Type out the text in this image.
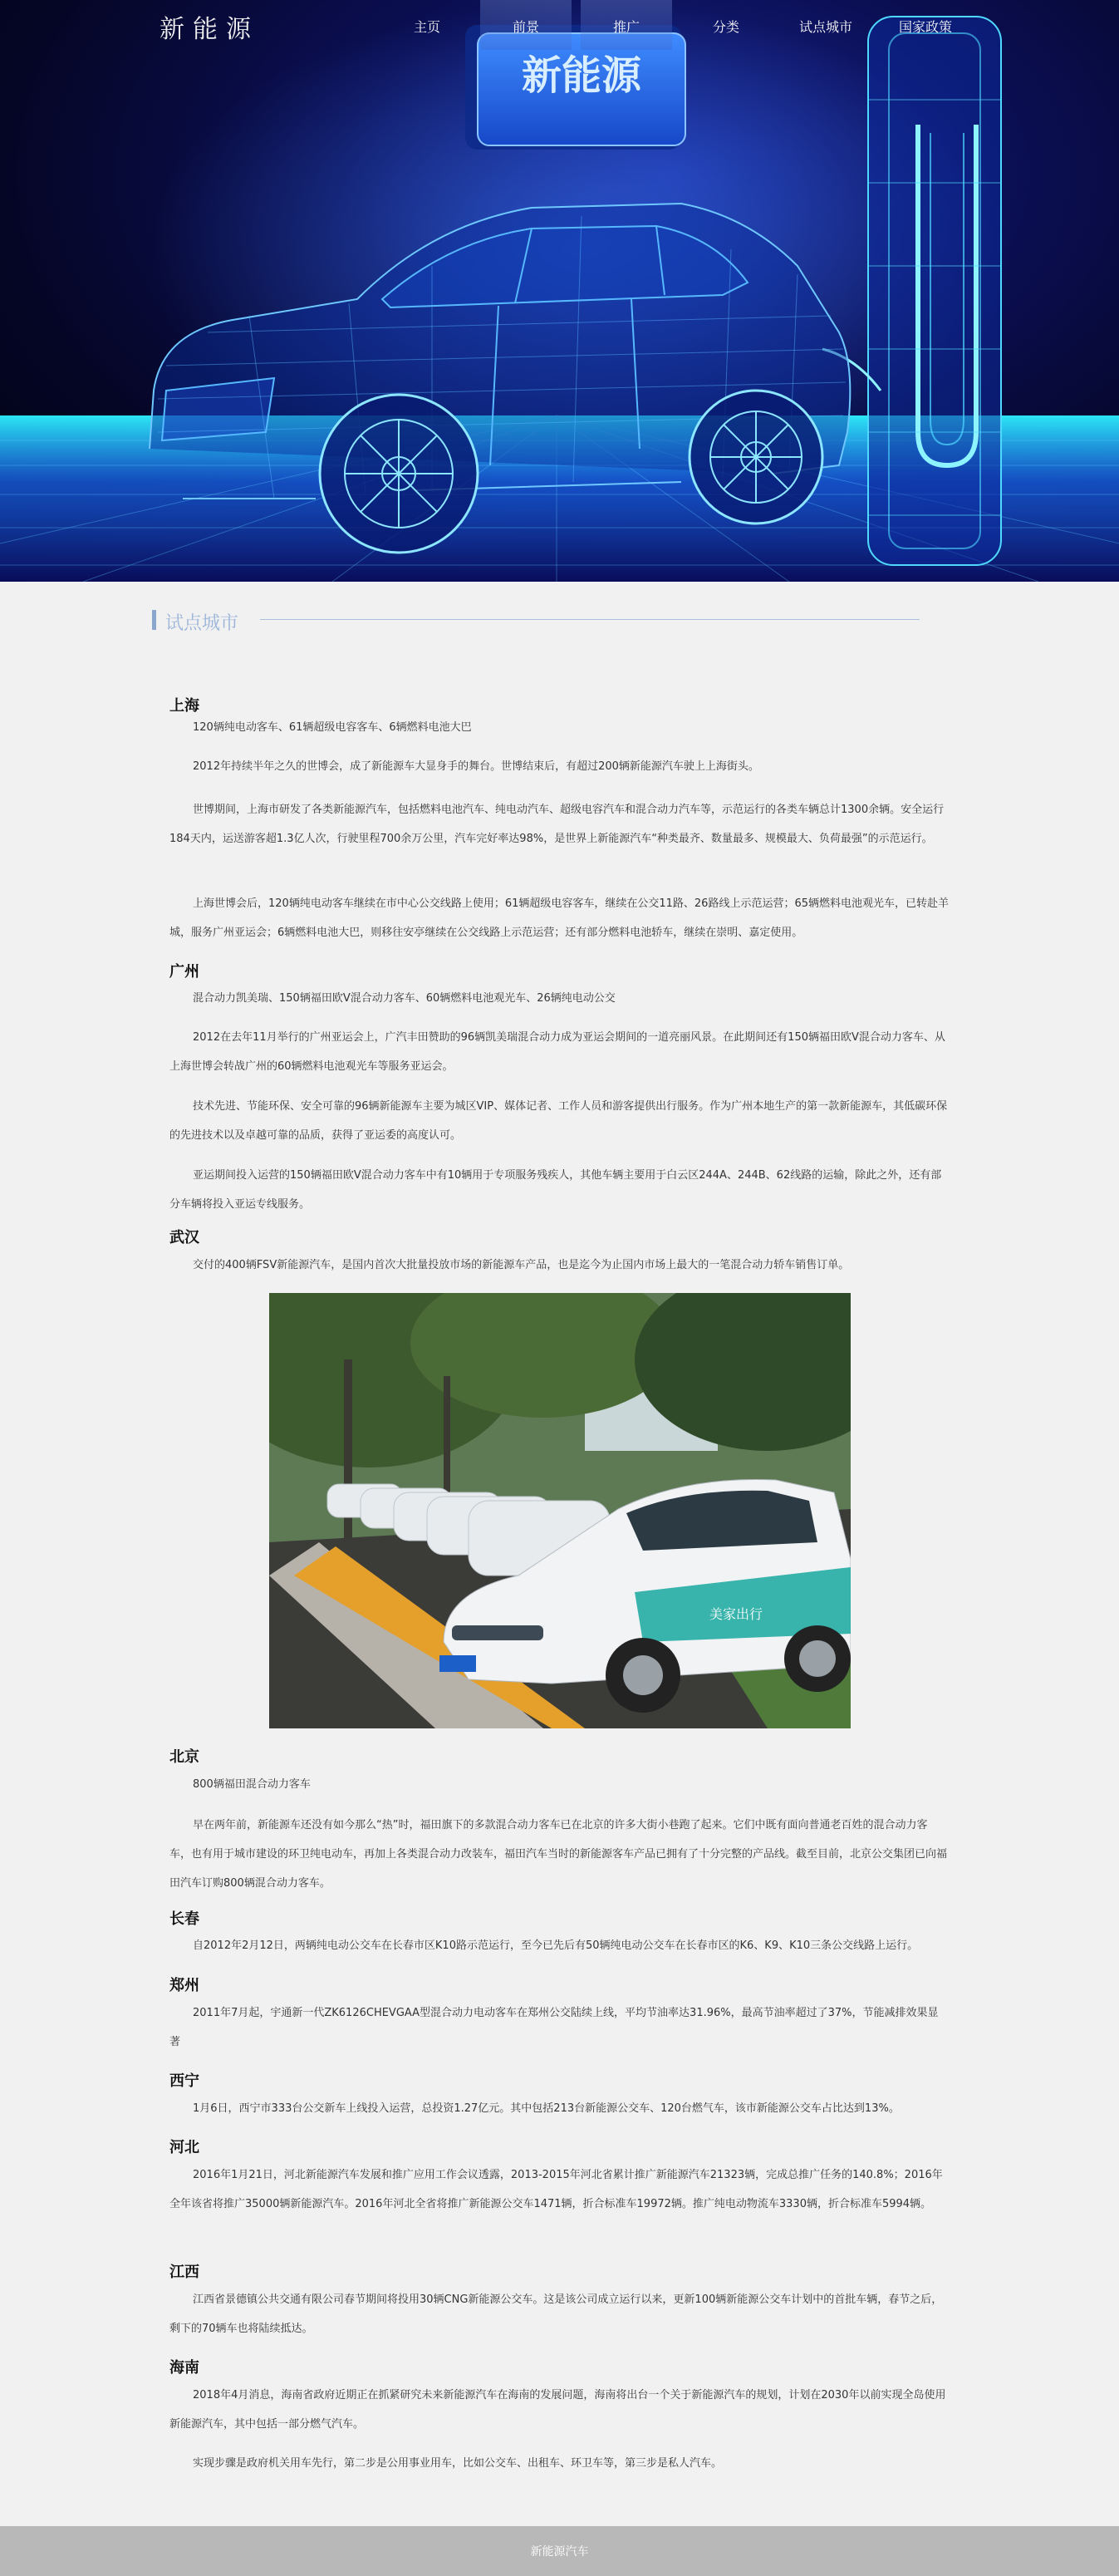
新能源
新能源	主页	前景	推广	分类	试点城市	国家政策
试点城市
上海
120辆纯电动客车、61辆超级电容客车、6辆燃料电池大巴
2012年持续半年之久的世博会，成了新能源车大显身手的舞台。世博结束后，有超过200辆新能源汽车驶上上海街头。
世博期间，上海市研发了各类新能源汽车，包括燃料电池汽车、纯电动汽车、超级电容汽车和混合动力汽车等，示范运行的各类车辆总计1300余辆。安全运行184天内，运送游客超1.3亿人次，行驶里程700余万公里，汽车完好率达98%，是世界上新能源汽车“种类最齐、数量最多、规模最大、负荷最强”的示范运行。
上海世博会后，120辆纯电动客车继续在市中心公交线路上使用；61辆超级电容客车，继续在公交11路、26路线上示范运营；65辆燃料电池观光车，已转赴羊城，服务广州亚运会；6辆燃料电池大巴，则移往安亭继续在公交线路上示范运营；还有部分燃料电池轿车，继续在崇明、嘉定使用。
广州
混合动力凯美瑞、150辆福田欧V混合动力客车、60辆燃料电池观光车、26辆纯电动公交
2012在去年11月举行的广州亚运会上，广汽丰田赞助的96辆凯美瑞混合动力成为亚运会期间的一道亮丽风景。在此期间还有150辆福田欧V混合动力客车、从上海世博会转战广州的60辆燃料电池观光车等服务亚运会。
技术先进、节能环保、安全可靠的96辆新能源车主要为城区VIP、媒体记者、工作人员和游客提供出行服务。作为广州本地生产的第一款新能源车，其低碳环保的先进技术以及卓越可靠的品质，获得了亚运委的高度认可。
亚运期间投入运营的150辆福田欧V混合动力客车中有10辆用于专项服务残疾人，其他车辆主要用于白云区244A、244B、62线路的运输，除此之外，还有部分车辆将投入亚运专线服务。
武汉
交付的400辆FSV新能源汽车，是国内首次大批量投放市场的新能源车产品，也是迄今为止国内市场上最大的一笔混合动力轿车销售订单。
北京
800辆福田混合动力客车
早在两年前，新能源车还没有如今那么“热”时，福田旗下的多款混合动力客车已在北京的许多大街小巷跑了起来。它们中既有面向普通老百姓的混合动力客车，也有用于城市建设的环卫纯电动车，再加上各类混合动力改装车，福田汽车当时的新能源客车产品已拥有了十分完整的产品线。截至目前，北京公交集团已向福田汽车订购800辆混合动力客车。
长春
自2012年2月12日，两辆纯电动公交车在长春市区K10路示范运行，至今已先后有50辆纯电动公交车在长春市区的K6、K9、K10三条公交线路上运行。
郑州
2011年7月起，宇通新一代ZK6126CHEVGAA型混合动力电动客车在郑州公交陆续上线，平均节油率达31.96%，最高节油率超过了37%，节能减排效果显著
西宁
1月6日，西宁市333台公交新车上线投入运营，总投资1.27亿元。其中包括213台新能源公交车、120台燃气车，该市新能源公交车占比达到13%。
河北
2016年1月21日，河北新能源汽车发展和推广应用工作会议透露，2013-2015年河北省累计推广新能源汽车21323辆，完成总推广任务的140.8%；2016年全年该省将推广35000辆新能源汽车。2016年河北全省将推广新能源公交车1471辆，折合标准车19972辆。推广纯电动物流车3330辆，折合标准车5994辆。
江西
江西省景德镇公共交通有限公司春节期间将投用30辆CNG新能源公交车。这是该公司成立运行以来，更新100辆新能源公交车计划中的首批车辆，春节之后，剩下的70辆车也将陆续抵达。
海南
2018年4月消息，海南省政府近期正在抓紧研究未来新能源汽车在海南的发展问题，海南将出台一个关于新能源汽车的规划，计划在2030年以前实现全岛使用新能源汽车，其中包括一部分燃气汽车。
实现步骤是政府机关用车先行，第二步是公用事业用车，比如公交车、出租车、环卫车等，第三步是私人汽车。
美家出行
新能源汽车
